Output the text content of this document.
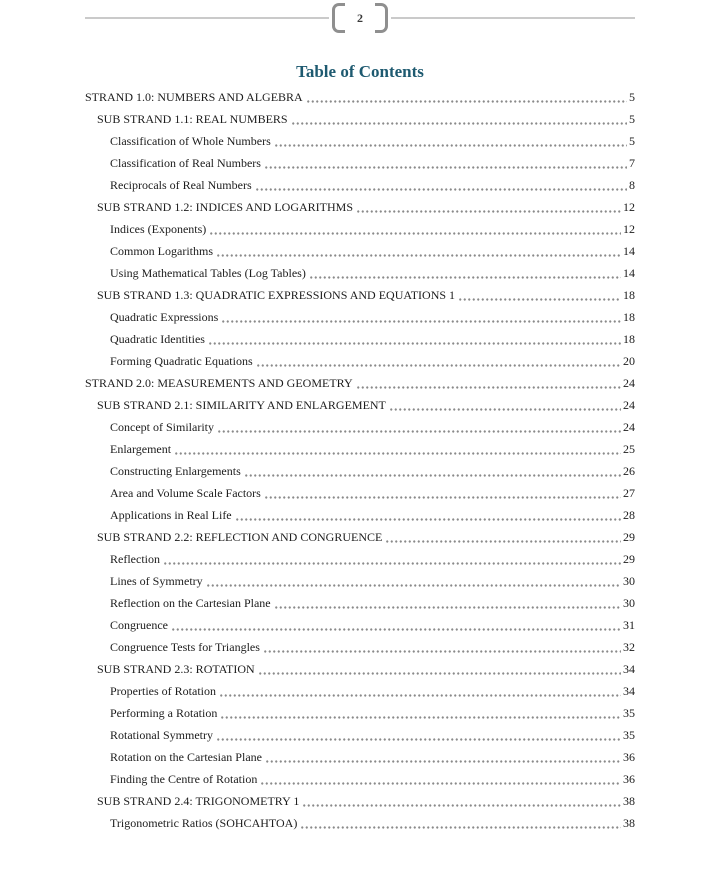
2
Table of Contents
STRAND 1.0: NUMBERS AND ALGEBRA	5
SUB STRAND 1.1: REAL NUMBERS	5
Classification of Whole Numbers	5
Classification of Real Numbers	7
Reciprocals of Real Numbers	8
SUB STRAND 1.2: INDICES AND LOGARITHMS	12
Indices (Exponents)	12
Common Logarithms	14
Using Mathematical Tables (Log Tables)	14
SUB STRAND 1.3: QUADRATIC EXPRESSIONS AND EQUATIONS 1	18
Quadratic Expressions	18
Quadratic Identities	18
Forming Quadratic Equations	20
STRAND 2.0: MEASUREMENTS AND GEOMETRY	24
SUB STRAND 2.1: SIMILARITY AND ENLARGEMENT	24
Concept of Similarity	24
Enlargement	25
Constructing Enlargements	26
Area and Volume Scale Factors	27
Applications in Real Life	28
SUB STRAND 2.2: REFLECTION AND CONGRUENCE	29
Reflection	29
Lines of Symmetry	30
Reflection on the Cartesian Plane	30
Congruence	31
Congruence Tests for Triangles	32
SUB STRAND 2.3: ROTATION	34
Properties of Rotation	34
Performing a Rotation	35
Rotational Symmetry	35
Rotation on the Cartesian Plane	36
Finding the Centre of Rotation	36
SUB STRAND 2.4: TRIGONOMETRY 1	38
Trigonometric Ratios (SOHCAHTOA)	38
